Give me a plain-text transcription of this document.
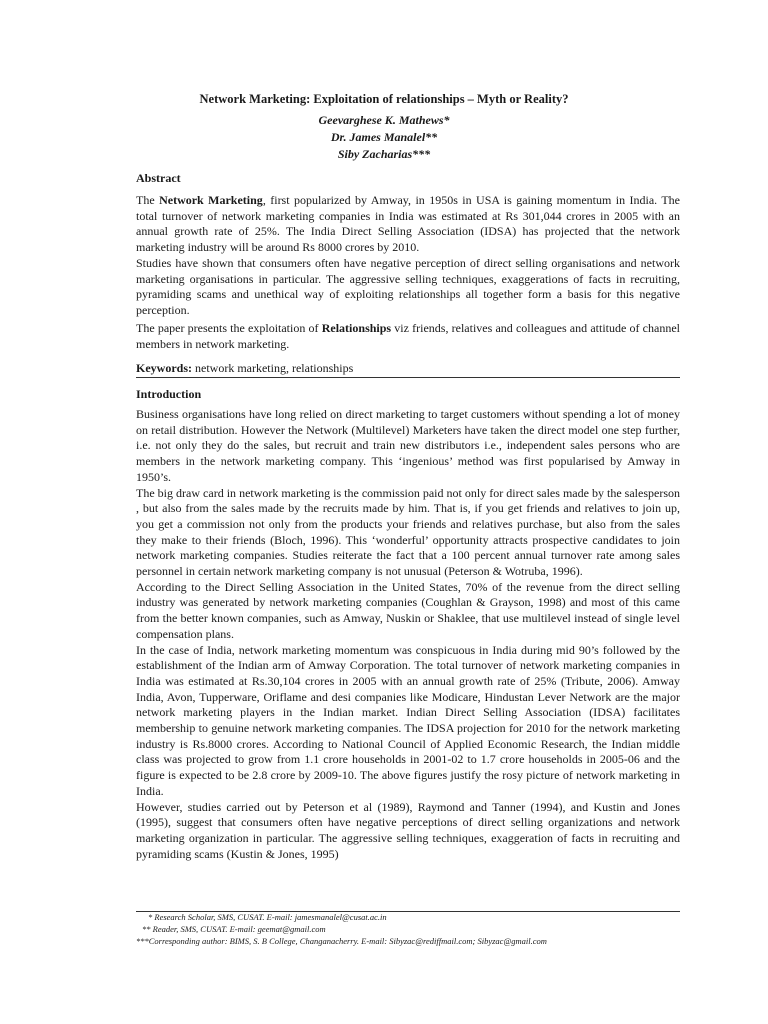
Network Marketing: Exploitation of relationships – Myth or Reality?
Geevarghese K. Mathews*
Dr. James Manalel**
Siby Zacharias***
Abstract
The Network Marketing, first popularized by Amway, in 1950s in USA is gaining momentum in India. The total turnover of network marketing companies in India was estimated at Rs 301,044 crores in 2005 with an annual growth rate of 25%. The India Direct Selling Association (IDSA) has projected that the network marketing industry will be around Rs 8000 crores by 2010.
Studies have shown that consumers often have negative perception of direct selling organisations and network marketing organisations in particular. The aggressive selling techniques, exaggerations of facts in recruiting, pyramiding scams and unethical way of exploiting relationships all together form a basis for this negative perception.
The paper presents the exploitation of Relationships viz friends, relatives and colleagues and attitude of channel members in network marketing.
Keywords: network marketing, relationships
Introduction

Business organisations have long relied on direct marketing to target customers without spending a lot of money on retail distribution. However the Network (Multilevel) Marketers have taken the direct model one step further, i.e. not only they do the sales, but recruit and train new distributors i.e., independent sales persons who are members in the network marketing company. This ‘ingenious’ method was first popularised by Amway in 1950’s.

The big draw card in network marketing is the commission paid not only for direct sales made by the salesperson , but also from the sales made by the recruits made by him. That is, if you get friends and relatives to join up, you get a commission not only from the products your friends and relatives purchase, but also from the sales they make to their friends (Bloch, 1996). This ‘wonderful’ opportunity attracts prospective candidates to join network marketing companies. Studies reiterate the fact that a 100 percent annual turnover rate among sales personnel in certain network marketing company is not unusual (Peterson & Wotruba, 1996).

According to the Direct Selling Association in the United States, 70% of the revenue from the direct selling industry was generated by network marketing companies (Coughlan & Grayson, 1998) and most of this came from the better known companies, such as Amway, Nuskin or Shaklee, that use multilevel instead of single level compensation plans.

In the case of India, network marketing momentum was conspicuous in India during mid 90’s followed by the establishment of the Indian arm of Amway Corporation. The total turnover of network marketing companies in India was estimated at Rs.30,104 crores in 2005 with an annual growth rate of 25% (Tribute, 2006). Amway India, Avon, Tupperware, Oriflame and desi companies like Modicare, Hindustan Lever Network are the major network marketing players in the Indian market. Indian Direct Selling Association (IDSA) facilitates membership to genuine network marketing companies. The IDSA projection for 2010 for the network marketing industry is Rs.8000 crores. According to National Council of Applied Economic Research, the Indian middle class was projected to grow from 1.1 crore households in 2001-02 to 1.7 crore households in 2005-06 and the figure is expected to be 2.8 crore by 2009-10. The above figures justify the rosy picture of network marketing in India.

However, studies carried out by Peterson et al (1989), Raymond and Tanner (1994), and Kustin and Jones (1995), suggest that consumers often have negative perceptions of direct selling organizations and network marketing organization in particular. The aggressive selling techniques, exaggeration of facts in recruiting and pyramiding scams (Kustin & Jones, 1995)

* Research Scholar, SMS, CUSAT. E-mail: jamesmanalel@cusat.ac.in
** Reader, SMS, CUSAT. E-mail: geemat@gmail.com
***Corresponding author: BIMS, S. B College, Changanacherry. E-mail: Sibyzac@rediffmail.com; Sibyzac@gmail.com
